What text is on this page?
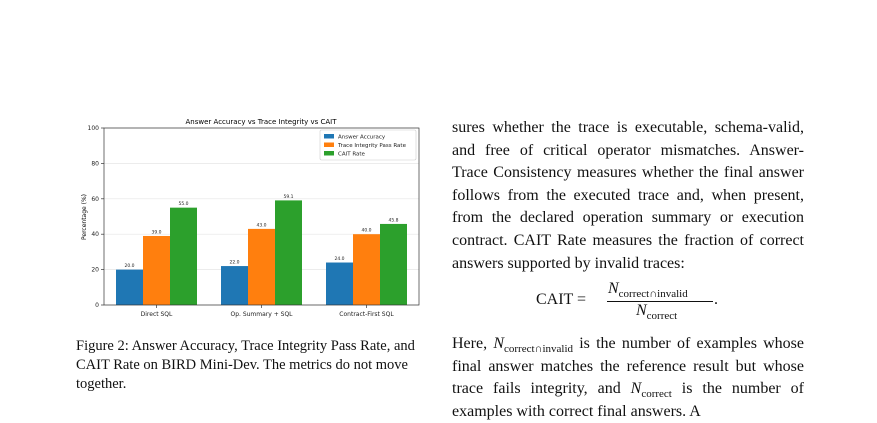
20.0
39.0
55.0
22.0
43.0
59.1
24.0
40.0
45.8
0
20
40
60
80
100
Direct SQL	Op. Summary + SQL	Contract-First SQL
Answer Accuracy vs Trace Integrity vs CAIT
Percentage (%)
Answer Accuracy
Trace Integrity Pass Rate
CAIT Rate

Figure 2: Answer Accuracy, Trace Integrity Pass Rate, and CAIT Rate on BIRD Mini-Dev. The metrics do not move together.

sures whether the trace is executable, schema-valid, and free of critical operator mismatches. Answer-Trace Consistency measures whether the final answer follows from the executed trace and, when present, from the declared operation summary or execution contract. CAIT Rate measures the fraction of correct answers supported by invalid traces:

CAIT =
$N_{correct\cap invalid}$
$N_{correct}$
.

Here, $N_{correct\cap invalid}$ is the number of examples whose final answer matches the reference result but whose trace fails integrity, and $N_{correct}$ is the number of examples with correct final answers. A
